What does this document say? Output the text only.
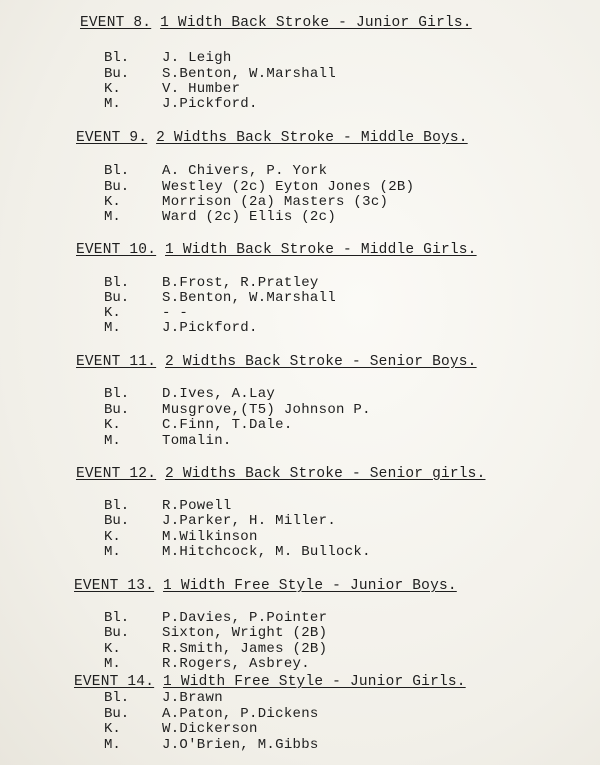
EVENT 8. 1 Width Back Stroke - Junior Girls.
Bl. J. Leigh
Bu. S.Benton, W.Marshall
K.	V. Humber
M.	J.Pickford.
EVENT 9. 2 Widths Back Stroke - Middle Boys.
Bl. A. Chivers, P. York
Bu. Westley (2c) Eyton Jones (2B)
K.	Morrison (2a) Masters (3c)
M.	Ward (2c) Ellis (2c)
EVENT 10. 1 Width Back Stroke - Middle Girls.
Bl. B.Frost, R.Pratley
Bu. S.Benton, W.Marshall
K.	- -
M.	J.Pickford.
EVENT 11. 2 Widths Back Stroke - Senior Boys.
Bl. D.Ives, A.Lay
Bu. Musgrove,(T5) Johnson P.
K.	C.Finn, T.Dale.
M.	Tomalin.
EVENT 12. 2 Widths Back Stroke - Senior girls.
Bl. R.Powell
Bu. J.Parker, H. Miller.
K.	M.Wilkinson
M.	M.Hitchcock, M. Bullock.
EVENT 13. 1 Width Free Style - Junior Boys.
Bl. P.Davies, P.Pointer
Bu. Sixton, Wright (2B)
K.	R.Smith, James (2B)
M.	R.Rogers, Asbrey.
EVENT 14. 1 Width Free Style - Junior Girls.
Bl. J.Brawn
Bu. A.Paton, P.Dickens
K.	W.Dickerson
M.	J.O'Brien, M.Gibbs
